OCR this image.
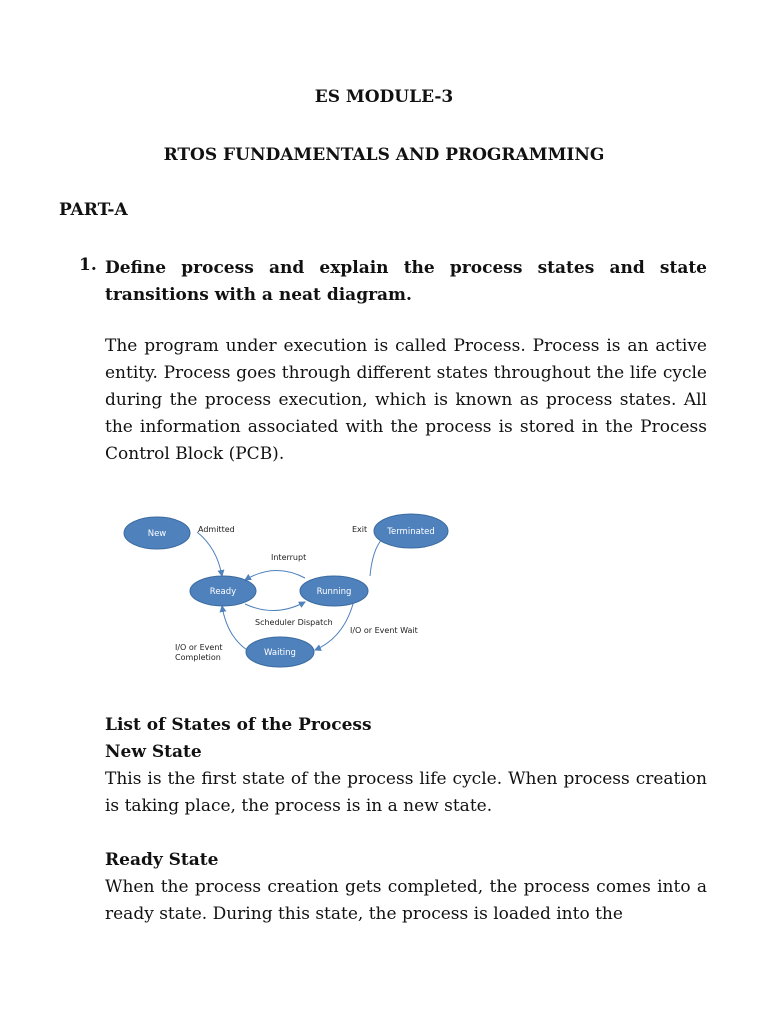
ES MODULE-3
RTOS FUNDAMENTALS AND PROGRAMMING
PART-A
1. Define process and explain the process states and state transitions with a neat diagram.
The program under execution is called Process. Process is an active entity. Process goes through different states throughout the life cycle during the process execution, which is known as process states. All the information associated with the process is stored in the Process Control Block (PCB).
New
Ready	Running
Terminated
Waiting
Admitted	Exit
Interrupt
Scheduler Dispatch
I/O or Event Wait
I/O or Event
Completion
List of States of the Process
New State
This is the first state of the process life cycle. When process creation is taking place, the process is in a new state.
Ready State
When the process creation gets completed, the process comes into a ready state. During this state, the process is loaded into the
